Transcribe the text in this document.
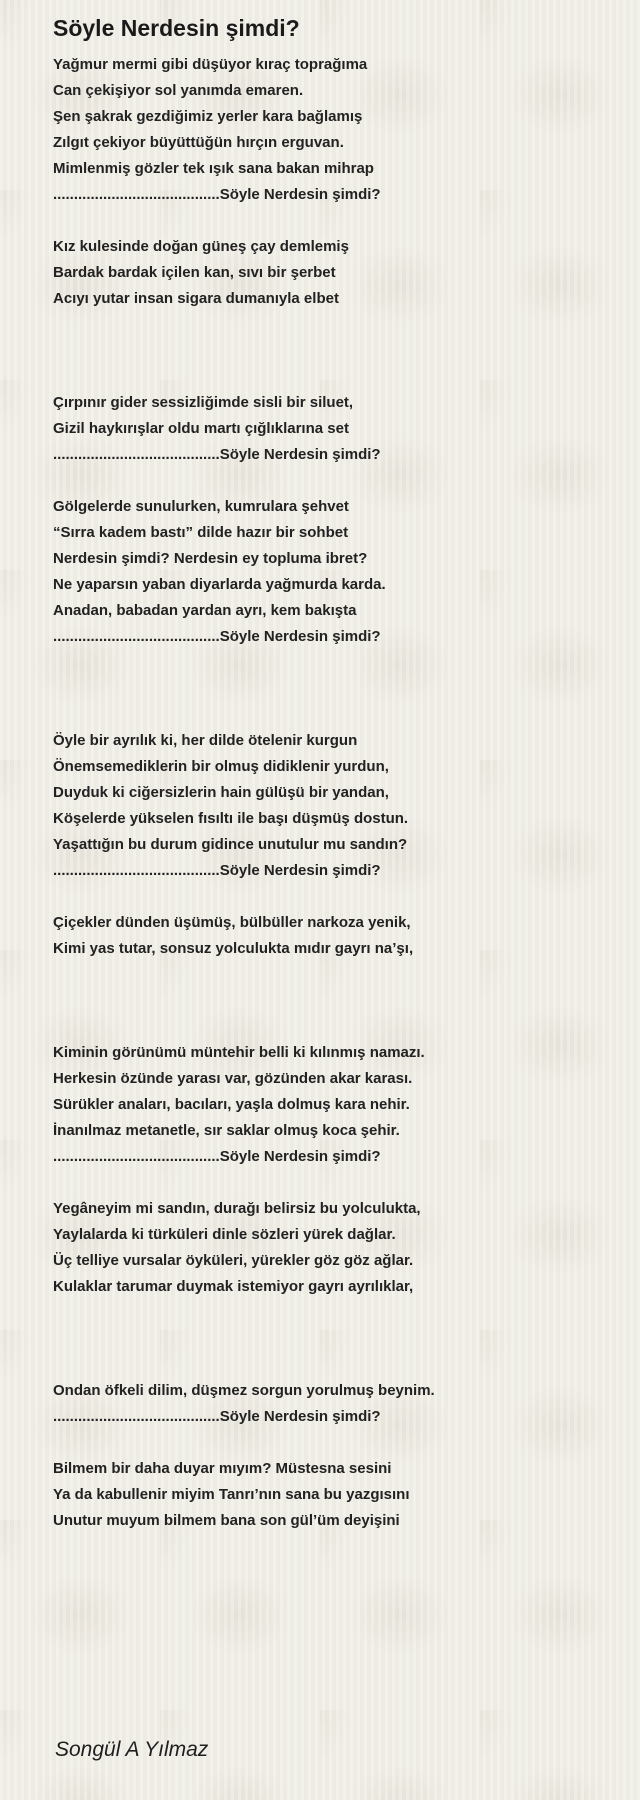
Söyle Nerdesin şimdi?
Yağmur mermi gibi düşüyor kıraç toprağıma
Can çekişiyor sol yanımda emaren.
Şen şakrak gezdiğimiz yerler kara bağlamış
Zılgıt çekiyor büyüttüğün hırçın erguvan.
Mimlenmiş gözler tek ışık sana bakan mihrap
........................................Söyle Nerdesin şimdi?
Kız kulesinde doğan güneş çay demlemiş
Bardak bardak içilen kan, sıvı bir şerbet
Acıyı yutar insan sigara dumanıyla elbet
Çırpınır gider sessizliğimde sisli bir siluet,
Gizil haykırışlar oldu martı çığlıklarına set
........................................Söyle Nerdesin şimdi?
Gölgelerde sunulurken, kumrulara şehvet
“Sırra kadem bastı” dilde hazır bir sohbet
Nerdesin şimdi? Nerdesin ey topluma ibret?
Ne yaparsın yaban diyarlarda yağmurda karda.
Anadan, babadan yardan ayrı, kem bakışta
........................................Söyle Nerdesin şimdi?
Öyle bir ayrılık ki, her dilde ötelenir kurgun
Önemsemediklerin bir olmuş didiklenir yurdun,
Duyduk ki ciğersizlerin hain gülüşü bir yandan,
Köşelerde yükselen fısıltı ile başı düşmüş dostun.
Yaşattığın bu durum gidince unutulur mu sandın?
........................................Söyle Nerdesin şimdi?
Çiçekler dünden üşümüş, bülbüller narkoza yenik,
Kimi yas tutar, sonsuz yolculukta mıdır gayrı na’şı,
Kiminin görünümü müntehir belli ki kılınmış namazı.
Herkesin özünde yarası var, gözünden akar karası.
Sürükler anaları, bacıları, yaşla dolmuş kara nehir.
İnanılmaz metanetle, sır saklar olmuş koca şehir.
........................................Söyle Nerdesin şimdi?
Yegâneyim mi sandın, durağı belirsiz bu yolculukta,
Yaylalarda ki türküleri dinle sözleri yürek dağlar.
Üç telliye vursalar öyküleri, yürekler göz göz ağlar.
Kulaklar tarumar duymak istemiyor gayrı ayrılıklar,
Ondan öfkeli dilim, düşmez sorgun yorulmuş beynim.
........................................Söyle Nerdesin şimdi?
Bilmem bir daha duyar mıyım? Müstesna sesini
Ya da kabullenir miyim Tanrı’nın sana bu yazgısını
Unutur muyum bilmem bana son gül’üm deyişini
Songül A Yılmaz
